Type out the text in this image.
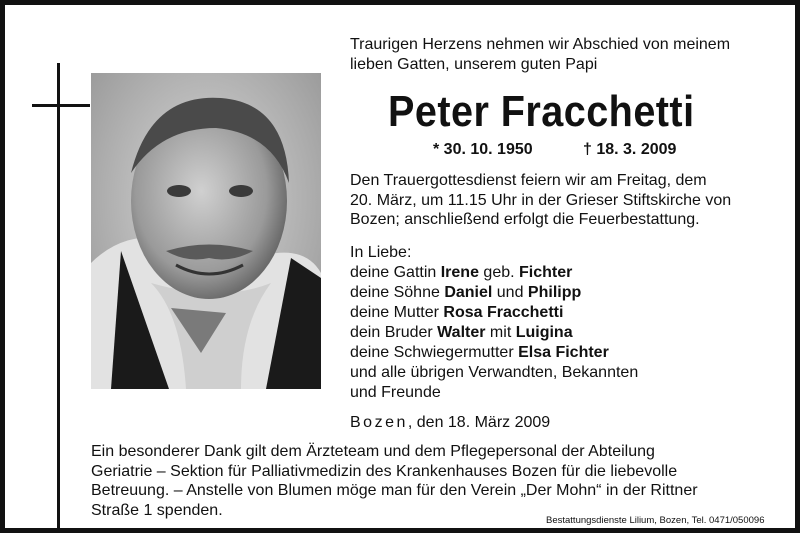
Traurigen Herzens nehmen wir Abschied von meinem
lieben Gatten, unserem guten Papi
Peter Fracchetti
* 30. 10. 1950	† 18. 3. 2009
Den Trauergottesdienst feiern wir am Freitag, dem
20. März, um 11.15 Uhr in der Grieser Stiftskirche von
Bozen; anschließend erfolgt die Feuerbestattung.
In Liebe:
deine Gattin Irene geb. Fichter
deine Söhne Daniel und Philipp
deine Mutter Rosa Fracchetti
dein Bruder Walter mit Luigina
deine Schwiegermutter Elsa Fichter
und alle übrigen Verwandten, Bekannten
und Freunde
Bozen, den 18. März 2009
Ein besonderer Dank gilt dem Ärzteteam und dem Pflegepersonal der Abteilung
Geriatrie – Sektion für Palliativmedizin des Krankenhauses Bozen für die liebevolle
Betreuung. – Anstelle von Blumen möge man für den Verein „Der Mohn“ in der Rittner
Straße 1 spenden.
Bestattungsdienste Lilium, Bozen, Tel. 0471/050096
